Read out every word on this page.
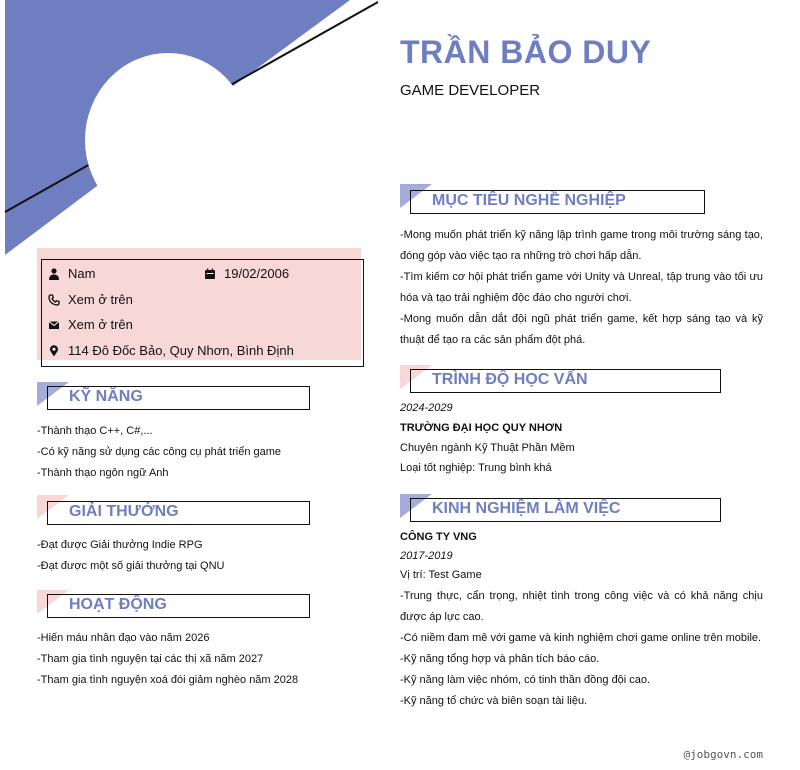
TRẦN BẢO DUY
GAME DEVELOPER
Nam	19/02/2006
Xem ở trên
Xem ở trên
114 Đô Đốc Bảo, Quy Nhơn, Bình Định
KỸ NĂNG
-Thành thạo C++, C#,...
-Có kỹ năng sử dụng các công cụ phát triển game
-Thành thạo ngôn ngữ Anh
GIẢI THƯỞNG
-Đạt được Giải thưởng Indie RPG
-Đạt được một số giải thưởng tại QNU
HOẠT ĐỘNG
-Hiến máu nhân đạo vào năm 2026
-Tham gia tình nguyện tại các thị xã năm 2027
-Tham gia tình nguyện xoá đói giảm nghèo năm 2028
MỤC TIÊU NGHỀ NGHIỆP
-Mong muốn phát triển kỹ năng lập trình game trong môi trường sáng tạo, đóng góp vào việc tạo ra những trò chơi hấp dẫn.
-Tìm kiếm cơ hội phát triển game với Unity và Unreal, tập trung vào tối ưu hóa và tạo trải nghiệm độc đáo cho người chơi.
-Mong muốn dẫn dắt đội ngũ phát triển game, kết hợp sáng tạo và kỹ thuật để tạo ra các sản phẩm đột phá.
TRÌNH ĐỘ HỌC VẤN
2024-2029
TRƯỜNG ĐẠI HỌC QUY NHƠN
Chuyên ngành Kỹ Thuật Phần Mềm
Loại tốt nghiệp: Trung bình khá
KINH NGHIỆM LÀM VIỆC
CÔNG TY VNG
2017-2019
Vị trí: Test Game
-Trung thực, cẩn trọng, nhiệt tình trong công việc và có khả năng chịu được áp lực cao.
-Có niềm đam mê với game và kinh nghiệm chơi game online trên mobile.
-Kỹ năng tổng hợp và phân tích báo cáo.
-Kỹ năng làm việc nhóm, có tinh thần đồng đội cao.
-Kỹ năng tổ chức và biên soạn tài liệu.
@jobgovn.com
